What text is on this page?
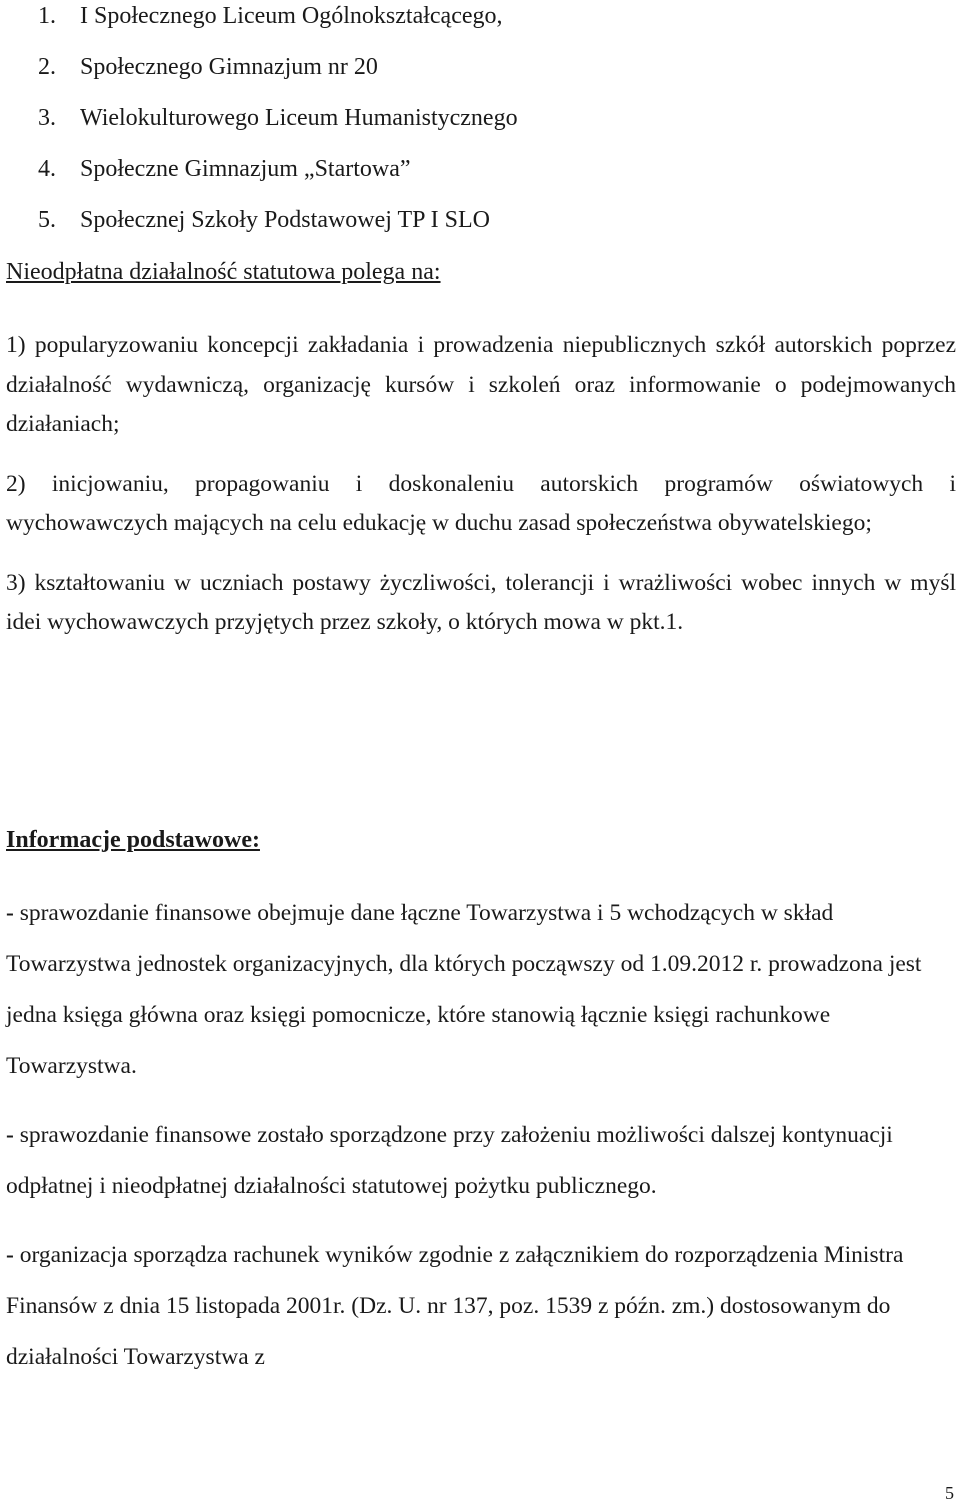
1. I Społecznego Liceum Ogólnokształcącego,
2. Społecznego Gimnazjum nr 20
3. Wielokulturowego Liceum Humanistycznego
4. Społeczne Gimnazjum „Startowa”
5. Społecznej Szkoły Podstawowej TP I SLO

Nieodpłatna działalność statutowa polega na:

1) popularyzowaniu koncepcji zakładania i prowadzenia niepublicznych szkół autorskich poprzez działalność wydawniczą, organizację kursów i szkoleń oraz informowanie o podejmowanych działaniach;

2) inicjowaniu, propagowaniu i doskonaleniu autorskich programów oświatowych i wychowawczych mających na celu edukację w duchu zasad społeczeństwa obywatelskiego;

3) kształtowaniu w uczniach postawy życzliwości, tolerancji i wrażliwości wobec innych w myśl idei wychowawczych przyjętych przez szkoły, o których mowa w pkt.1.

Informacje podstawowe:

- sprawozdanie finansowe obejmuje dane łączne Towarzystwa i 5 wchodzących w skład Towarzystwa jednostek organizacyjnych, dla których począwszy od 1.09.2012 r. prowadzona jest jedna księga główna oraz księgi pomocnicze, które stanowią łącznie księgi rachunkowe Towarzystwa.

- sprawozdanie finansowe zostało sporządzone przy założeniu możliwości dalszej kontynuacji odpłatnej i nieodpłatnej działalności statutowej pożytku publicznego.

- organizacja sporządza rachunek wyników zgodnie z załącznikiem do rozporządzenia Ministra Finansów z dnia 15 listopada 2001r. (Dz. U. nr 137, poz. 1539 z późn. zm.) dostosowanym do działalności Towarzystwa z

5
